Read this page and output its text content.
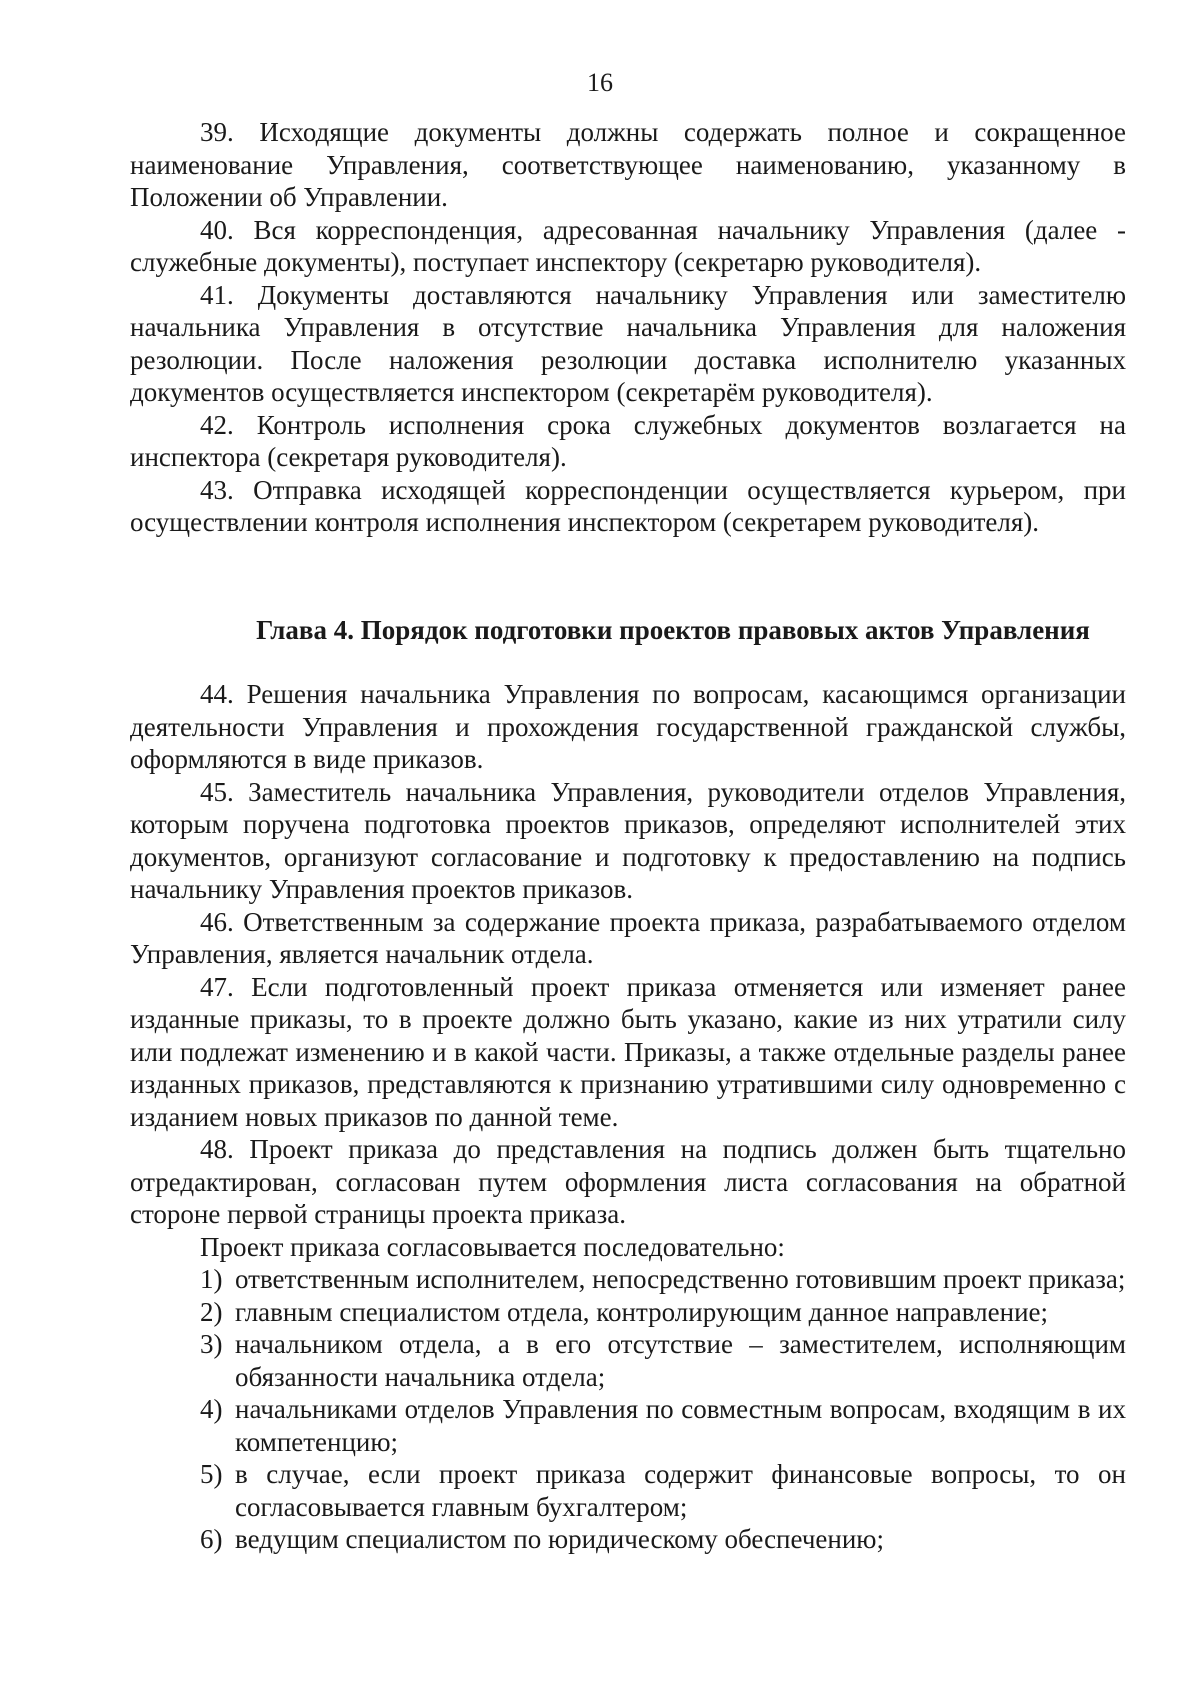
16

39. Исходящие документы должны содержать полное и сокращенное наименование Управления, соответствующее наименованию, указанному в Положении об Управлении.

40. Вся корреспонденция, адресованная начальнику Управления (далее - служебные документы), поступает инспектору (секретарю руководителя).

41. Документы доставляются начальнику Управления или заместителю начальника Управления в отсутствие начальника Управления для наложения резолюции. После наложения резолюции доставка исполнителю указанных документов осуществляется инспектором (секретарём руководителя).

42. Контроль исполнения срока служебных документов возлагается на инспектора (секретаря руководителя).

43. Отправка исходящей корреспонденции осуществляется курьером, при осуществлении контроля исполнения инспектором (секретарем руководителя).

Глава 4. Порядок подготовки проектов правовых актов Управления

44. Решения начальника Управления по вопросам, касающимся организации деятельности Управления и прохождения государственной гражданской службы, оформляются в виде приказов.

45. Заместитель начальника Управления, руководители отделов Управления, которым поручена подготовка проектов приказов, определяют исполнителей этих документов, организуют согласование и подготовку к предоставлению на подпись начальнику Управления проектов приказов.

46. Ответственным за содержание проекта приказа, разрабатываемого отделом Управления, является начальник отдела.

47. Если подготовленный проект приказа отменяется или изменяет ранее изданные приказы, то в проекте должно быть указано, какие из них утратили силу или подлежат изменению и в какой части. Приказы, а также отдельные разделы ранее изданных приказов, представляются к признанию утратившими силу одновременно с изданием новых приказов по данной теме.

48. Проект приказа до представления на подпись должен быть тщательно отредактирован, согласован путем оформления листа согласования на обратной стороне первой страницы проекта приказа.

Проект приказа согласовывается последовательно:

1) ответственным исполнителем, непосредственно готовившим проект приказа;
2) главным специалистом отдела, контролирующим данное направление;
3) начальником отдела, а в его отсутствие – заместителем, исполняющим обязанности начальника отдела;
4) начальниками отделов Управления по совместным вопросам, входящим в их компетенцию;
5) в случае, если проект приказа содержит финансовые вопросы, то он согласовывается главным бухгалтером;
6) ведущим специалистом по юридическому обеспечению;
